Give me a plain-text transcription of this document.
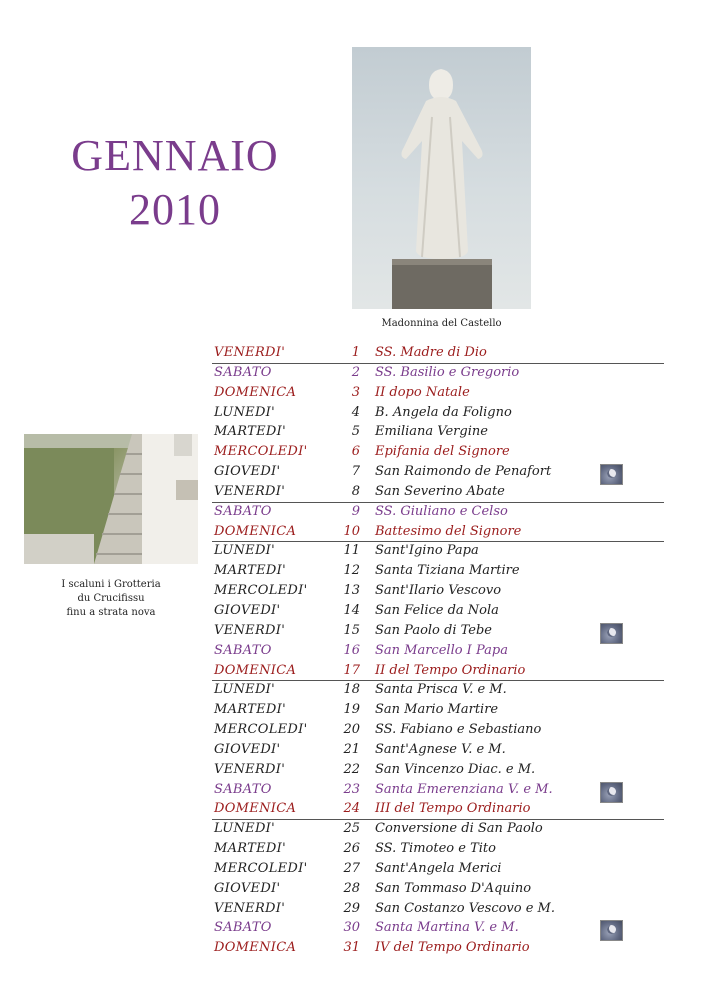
GENNAIO
2010
Madonnina del Castello
I scaluni i Grotteria
du Crucifissu
finu a strata nova
VENERDI'	1 SS. Madre di Dio
SABATO	2 SS. Basilio e Gregorio
DOMENICA	3 II dopo Natale
LUNEDI'	4 B. Angela da Foligno
MARTEDI'	5 Emiliana Vergine
MERCOLEDI'	6 Epifania del Signore
GIOVEDI'	7 San Raimondo de Penafort
VENERDI'	8 San Severino Abate
SABATO	9 SS. Giuliano e Celso
DOMENICA	10 Battesimo del Signore
LUNEDI'	11 Sant'Igino Papa
MARTEDI'	12 Santa Tiziana Martire
MERCOLEDI'	13 Sant'Ilario Vescovo
GIOVEDI'	14 San Felice da Nola
VENERDI'	15 San Paolo di Tebe
SABATO	16 San Marcello I Papa
DOMENICA	17 II del Tempo Ordinario
LUNEDI'	18 Santa Prisca V. e M.
MARTEDI'	19 San Mario Martire
MERCOLEDI'	20 SS. Fabiano e Sebastiano
GIOVEDI'	21 Sant'Agnese V. e M.
VENERDI'	22 San Vincenzo Diac. e M.
SABATO	23 Santa Emerenziana V. e M.
DOMENICA	24 III del Tempo Ordinario
LUNEDI'	25 Conversione di San Paolo
MARTEDI'	26 SS. Timoteo e Tito
MERCOLEDI'	27 Sant'Angela Merici
GIOVEDI'	28 San Tommaso D'Aquino
VENERDI'	29 San Costanzo Vescovo e M.
SABATO	30 Santa Martina V. e M.
DOMENICA	31 IV del Tempo Ordinario
